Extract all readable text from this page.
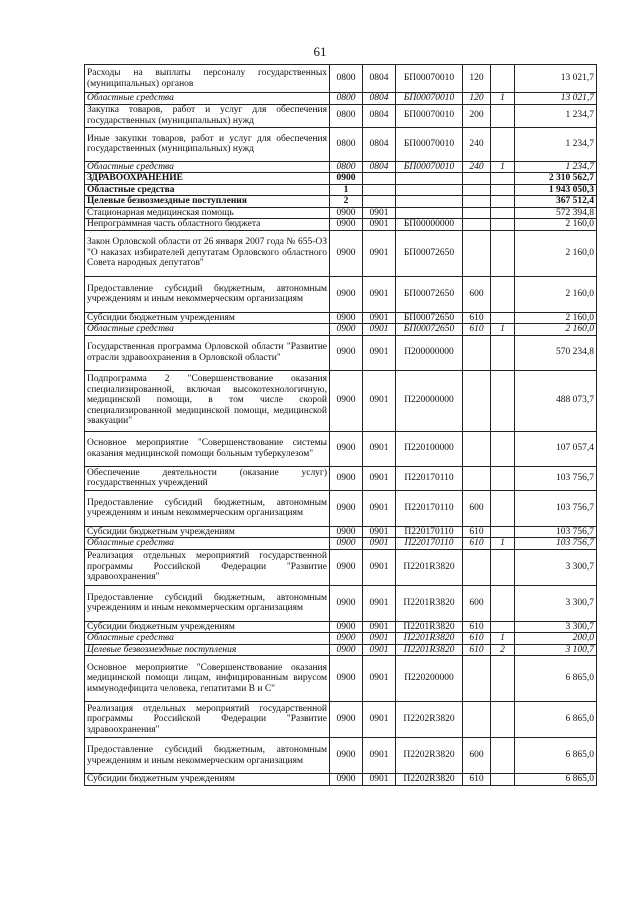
61
Расходы на выплаты персоналу государственных (муниципальных) органов	0800	0804	БП00070010	120		13 021,7
Областные средства	0800	0804	БП00070010	120	1	13 021,7
Закупка товаров, работ и услуг для обеспечения государственных (муниципальных) нужд	0800	0804	БП00070010	200		1 234,7
Иные закупки товаров, работ и услуг для обеспечения государственных (муниципальных) нужд	0800	0804	БП00070010	240		1 234,7
Областные средства	0800	0804	БП00070010	240	1	1 234,7
ЗДРАВООХРАНЕНИЕ	0900					2 310 562,7
Областные средства	1					1 943 050,3
Целевые безвозмездные поступления	2					367 512,4
Стационарная медицинская помощь	0900	0901				572 394,8
Непрограммная часть областного бюджета	0900	0901	БП00000000			2 160,0
Закон Орловской области от 26 января 2007 года № 655-ОЗ "О наказах избирателей депутатам Орловского областного Совета народных депутатов"	0900	0901	БП00072650			2 160,0
Предоставление субсидий бюджетным, автономным учреждениям и иным некоммерческим организациям	0900	0901	БП00072650	600		2 160,0
Субсидии бюджетным учреждениям	0900	0901	БП00072650	610		2 160,0
Областные средства	0900	0901	БП00072650	610	1	2 160,0
Государственная программа Орловской области "Развитие отрасли здравоохранения в Орловской области"	0900	0901	П200000000			570 234,8
Подпрограмма 2 "Совершенствование оказания специализированной, включая высокотехнологичную, медицинской помощи, в том числе скорой специализированной медицинской помощи, медицинской эвакуации"	0900	0901	П220000000			488 073,7
Основное мероприятие "Совершенствование системы оказания медицинской помощи больным туберкулезом"	0900	0901	П220100000			107 057,4
Обеспечение деятельности (оказание услуг) государственных учреждений	0900	0901	П220170110			103 756,7
Предоставление субсидий бюджетным, автономным учреждениям и иным некоммерческим организациям	0900	0901	П220170110	600		103 756,7
Субсидии бюджетным учреждениям	0900	0901	П220170110	610		103 756,7
Областные средства	0900	0901	П220170110	610	1	103 756,7
Реализация отдельных мероприятий государственной программы Российской Федерации "Развитие здравоохранения"	0900	0901	П2201R3820			3 300,7
Предоставление субсидий бюджетным, автономным учреждениям и иным некоммерческим организациям	0900	0901	П2201R3820	600		3 300,7
Субсидии бюджетным учреждениям	0900	0901	П2201R3820	610		3 300,7
Областные средства	0900	0901	П2201R3820	610	1	200,0
Целевые безвозмездные поступления	0900	0901	П2201R3820	610	2	3 100,7
Основное мероприятие "Совершенствование оказания медицинской помощи лицам, инфицированным вирусом иммунодефицита человека, гепатитами В и С"	0900	0901	П220200000			6 865,0
Реализация отдельных мероприятий государственной программы Российской Федерации "Развитие здравоохранения"	0900	0901	П2202R3820			6 865,0
Предоставление субсидий бюджетным, автономным учреждениям и иным некоммерческим организациям	0900	0901	П2202R3820	600		6 865,0
Субсидии бюджетным учреждениям	0900	0901	П2202R3820	610		6 865,0
